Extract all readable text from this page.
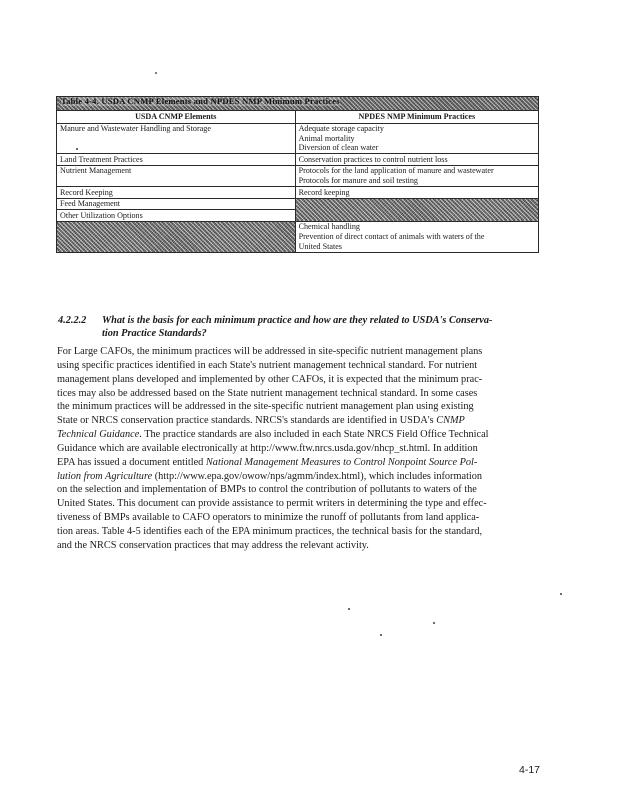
Table 4-4. USDA CNMP Elements and NPDES NMP Minimum Practices	
USDA CNMP Elements	NPDES NMP Minimum Practices
Manure and Wastewater Handling and Storage	Adequate storage capacity
Animal mortality
Diversion of clean water

Land Treatment Practices	Conservation practices to control nutrient loss

Nutrient Management	Protocols for the land application of manure and wastewater
Protocols for manure and soil testing

Record Keeping	Record keeping

Feed Management	
Other Utilization Options	

	Chemical handling
Prevention of direct contact of animals with waters of the
United States
4.2.2.2 What is the basis for each minimum practice and how are they related to USDA's Conserva-
tion Practice Standards?
For Large CAFOs, the minimum practices will be addressed in site-specific nutrient management plans
using specific practices identified in each State's nutrient management technical standard. For nutrient
management plans developed and implemented by other CAFOs, it is expected that the minimum prac-
tices may also be addressed based on the State nutrient management technical standard. In some cases
the minimum practices will be addressed in the site-specific nutrient management plan using existing
State or NRCS conservation practice standards. NRCS's standards are identified in USDA's CNMP
Technical Guidance. The practice standards are also included in each State NRCS Field Office Technical
Guidance which are available electronically at http://www.ftw.nrcs.usda.gov/nhcp_st.html. In addition
EPA has issued a document entitled National Management Measures to Control Nonpoint Source Pol-
lution from Agriculture (http://www.epa.gov/owow/nps/agmm/index.html), which includes information
on the selection and implementation of BMPs to control the contribution of pollutants to waters of the
United States. This document can provide assistance to permit writers in determining the type and effec-
tiveness of BMPs available to CAFO operators to minimize the runoff of pollutants from land applica-
tion areas. Table 4-5 identifies each of the EPA minimum practices, the technical basis for the standard,
and the NRCS conservation practices that may address the relevant activity.
4-17
